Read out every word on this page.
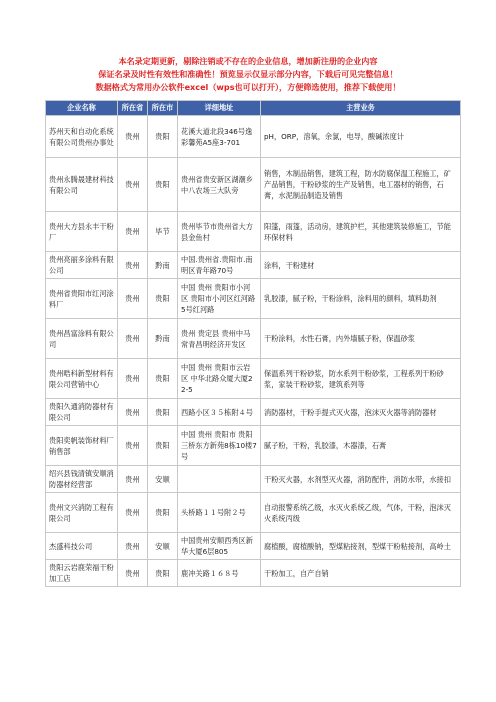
本名录定期更新，剔除注销或不存在的企业信息，增加新注册的企业内容
保证名录及时性有效性和准确性！预览显示仅显示部分内容，下载后可见完整信息！
数据格式为常用办公软件excel（wps也可以打开），方便筛选使用，推荐下载使用！
企业名称	所在省	所在市	详细地址	主营业务
苏州天和自动化系统有限公司贵州办事处	贵州	贵阳	花溪大道北段346号逸彩馨苑A5座3-701	pH，ORP，溶氧，余氯，电导，酸碱浓度计
贵州永腾晟建材科技有限公司	贵州	贵阳	贵州省贵安新区湖潮乡中八农场三大队旁	销售，木制品销售，建筑工程，防水防腐保温工程施工，矿产品销售，干粉砂浆的生产及销售，电工器材的销售，石膏，水泥制品制造及销售
贵州大方县永丰干粉厂	贵州	毕节	贵州毕节市贵州省大方县金鱼村	阳篷，雨篷，活动房，建筑护栏，其他建筑装修施工，节能环保材料
贵州亮丽多涂料有限公司	贵州	黔南	中国.贵州省.贵阳市.南明区青年路70号	涂料，干粉建材
贵州省贵阳市红河涂料厂	贵州	贵阳	中国 贵州 贵阳市小河区 贵阳市小河区红河路5号红河路	乳胶漆，腻子粉，干粉涂料，涂料用的颜料，填料助剂
贵州昌富涂料有限公司	贵州	黔南	贵州 贵定县 贵州中马常青昌明经济开发区	干粉涂料，水性石膏，内外墙腻子粉，保温砂浆
贵州晧科新型材料有限公司营销中心	贵州	贵阳	中国 贵州 贵阳市云岩区 中华北路众厦大厦22-5	保温系列干粉砂浆，防水系列干粉砂浆，工程系列干粉砂浆，家装干粉砂浆，建筑系列等
贵阳久通消防器材有限公司	贵州	贵阳	西路小区３５栋附４号	消防器材，干粉手提式灭火器，泡沫灭火器等消防器材
贵阳奕帆装饰材料厂销售部	贵州	贵阳	中国 贵州 贵阳市 贵阳三桥东方新苑8栋10楼7号	腻子粉，干粉，乳胶漆，木器漆，石膏
绍兴县钱清镇安顺消防器材经营部	贵州	安顺		干粉灭火器，水剂型灭火器，消防配件，消防水带，水接扣
贵州文兴消防工程有限公司	贵州	贵阳	头桥路１１号附２号	自动报警系统乙级，水灭火系统乙级，气体，干粉，泡沫灭火系统丙级
杰盛科技公司	贵州	安顺	中国贵州安顺西秀区新华大厦6层805	腐植酸，腐植酸钠，型煤粘接剂，型煤干粉粘接剂，高岭土
贵阳云岩鹿荣福干粉加工店	贵州	贵阳	鹿冲关路１６８号	干粉加工，自产自销
